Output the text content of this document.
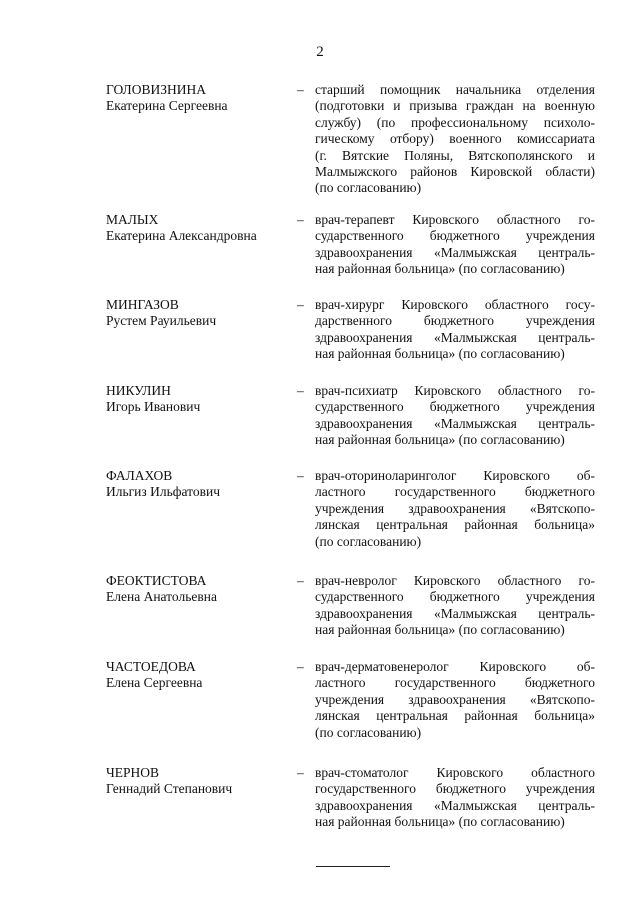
2
ГОЛОВИЗНИНА
Екатерина Сергеевна
– старший помощник начальника отделения
(подготовки и призыва граждан на военную
службу) (по профессиональному психоло-
гическому отбору) военного комиссариата
(г. Вятские Поляны, Вятскополянского и
Малмыжского районов Кировской области)
(по согласованию)
МАЛЫХ
Екатерина Александровна
– врач-терапевт Кировского областного го-
сударственного бюджетного учреждения
здравоохранения «Малмыжская централь-
ная районная больница» (по согласованию)
МИНГАЗОВ
Рустем Рауильевич
– врач-хирург Кировского областного госу-
дарственного бюджетного учреждения
здравоохранения «Малмыжская централь-
ная районная больница» (по согласованию)
НИКУЛИН
Игорь Иванович
– врач-психиатр Кировского областного го-
сударственного бюджетного учреждения
здравоохранения «Малмыжская централь-
ная районная больница» (по согласованию)
ФАЛАХОВ
Ильгиз Ильфатович
– врач-оториноларинголог Кировского об-
ластного государственного бюджетного
учреждения здравоохранения «Вятскопо-
лянская центральная районная больница»
(по согласованию)
ФЕОКТИСТОВА
Елена Анатольевна
– врач-невролог Кировского областного го-
сударственного бюджетного учреждения
здравоохранения «Малмыжская централь-
ная районная больница» (по согласованию)
ЧАСТОЕДОВА
Елена Сергеевна
– врач-дерматовенеролог Кировского об-
ластного государственного бюджетного
учреждения здравоохранения «Вятскопо-
лянская центральная районная больница»
(по согласованию)
ЧЕРНОВ
Геннадий Степанович
– врач-стоматолог Кировского областного
государственного бюджетного учреждения
здравоохранения «Малмыжская централь-
ная районная больница» (по согласованию)
